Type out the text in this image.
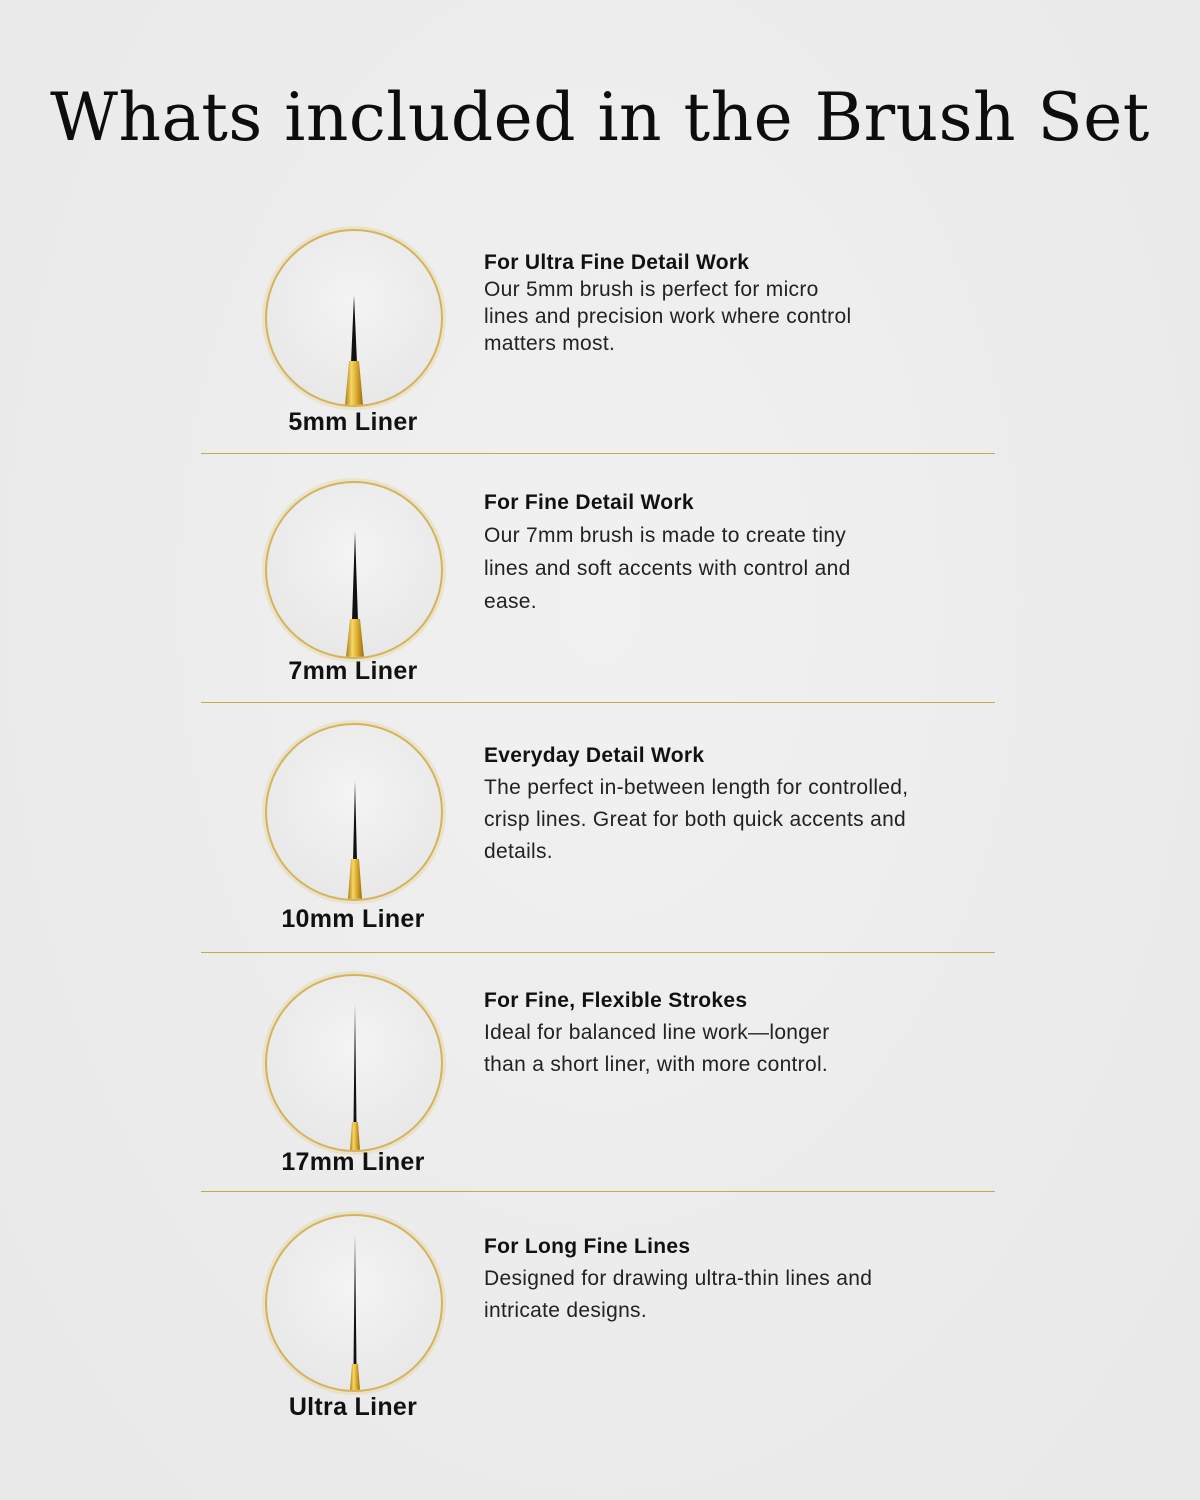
Whats included in the Brush Set
5mm Liner
For Ultra Fine Detail Work
Our 5mm brush is perfect for micro lines and precision work where control matters most.
7mm Liner
For Fine Detail Work
Our 7mm brush is made to create tiny lines and soft accents with control and ease.
10mm Liner
Everyday Detail Work
The perfect in-between length for controlled, crisp lines. Great for both quick accents and details.
17mm Liner
For Fine, Flexible Strokes
Ideal for balanced line work—longer than a short liner, with more control.
Ultra Liner
For Long Fine Lines
Designed for drawing ultra-thin lines and intricate designs.
